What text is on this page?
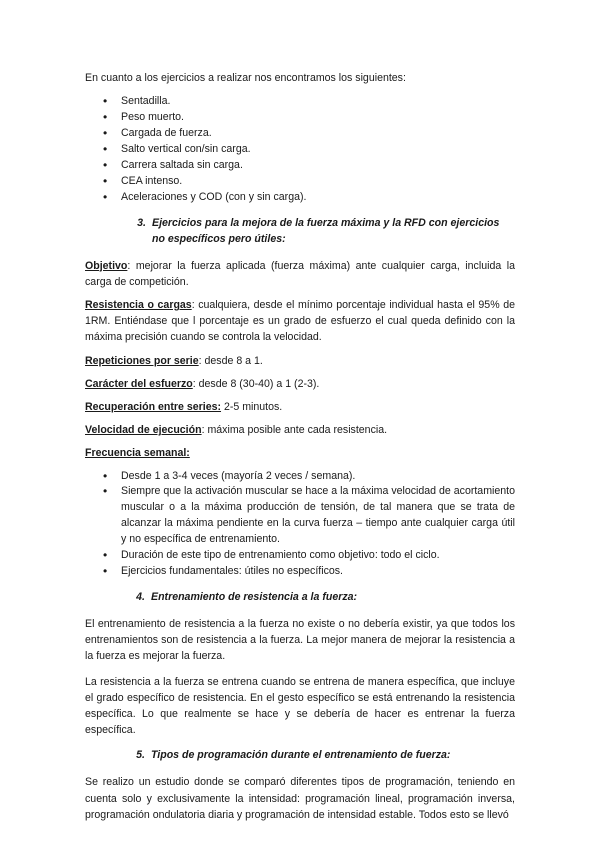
En cuanto a los ejercicios a realizar nos encontramos los siguientes:

• Sentadilla.
• Peso muerto.
• Cargada de fuerza.
• Salto vertical con/sin carga.
• Carrera saltada sin carga.
• CEA intenso.
• Aceleraciones y COD (con y sin carga).
3. Ejercicios para la mejora de la fuerza máxima y la RFD con ejercicios no específicos pero útiles:

Objetivo: mejorar la fuerza aplicada (fuerza máxima) ante cualquier carga, incluida la carga de competición.

Resistencia o cargas: cualquiera, desde el mínimo porcentaje individual hasta el 95% de 1RM. Entiéndase que l porcentaje es un grado de esfuerzo el cual queda definido con la máxima precisión cuando se controla la velocidad.

Repeticiones por serie: desde 8 a 1.

Carácter del esfuerzo: desde 8 (30-40) a 1 (2-3).

Recuperación entre series: 2-5 minutos.

Velocidad de ejecución: máxima posible ante cada resistencia.

Frecuencia semanal:

• Desde 1 a 3-4 veces (mayoría 2 veces / semana).
• Siempre que la activación muscular se hace a la máxima velocidad de acortamiento muscular o a la máxima producción de tensión, de tal manera que se trata de alcanzar la máxima pendiente en la curva fuerza – tiempo ante cualquier carga útil y no específica de entrenamiento.
• Duración de este tipo de entrenamiento como objetivo: todo el ciclo.
• Ejercicios fundamentales: útiles no específicos.
4. Entrenamiento de resistencia a la fuerza:

El entrenamiento de resistencia a la fuerza no existe o no debería existir, ya que todos los entrenamientos son de resistencia a la fuerza. La mejor manera de mejorar la resistencia a la fuerza es mejorar la fuerza.

La resistencia a la fuerza se entrena cuando se entrena de manera específica, que incluye el grado específico de resistencia. En el gesto específico se está entrenando la resistencia específica. Lo que realmente se hace y se debería de hacer es entrenar la fuerza específica.

5. Tipos de programación durante el entrenamiento de fuerza:

Se realizo un estudio donde se comparó diferentes tipos de programación, teniendo en cuenta solo y exclusivamente la intensidad: programación lineal, programación inversa, programación ondulatoria diaria y programación de intensidad estable. Todos esto se llevó
